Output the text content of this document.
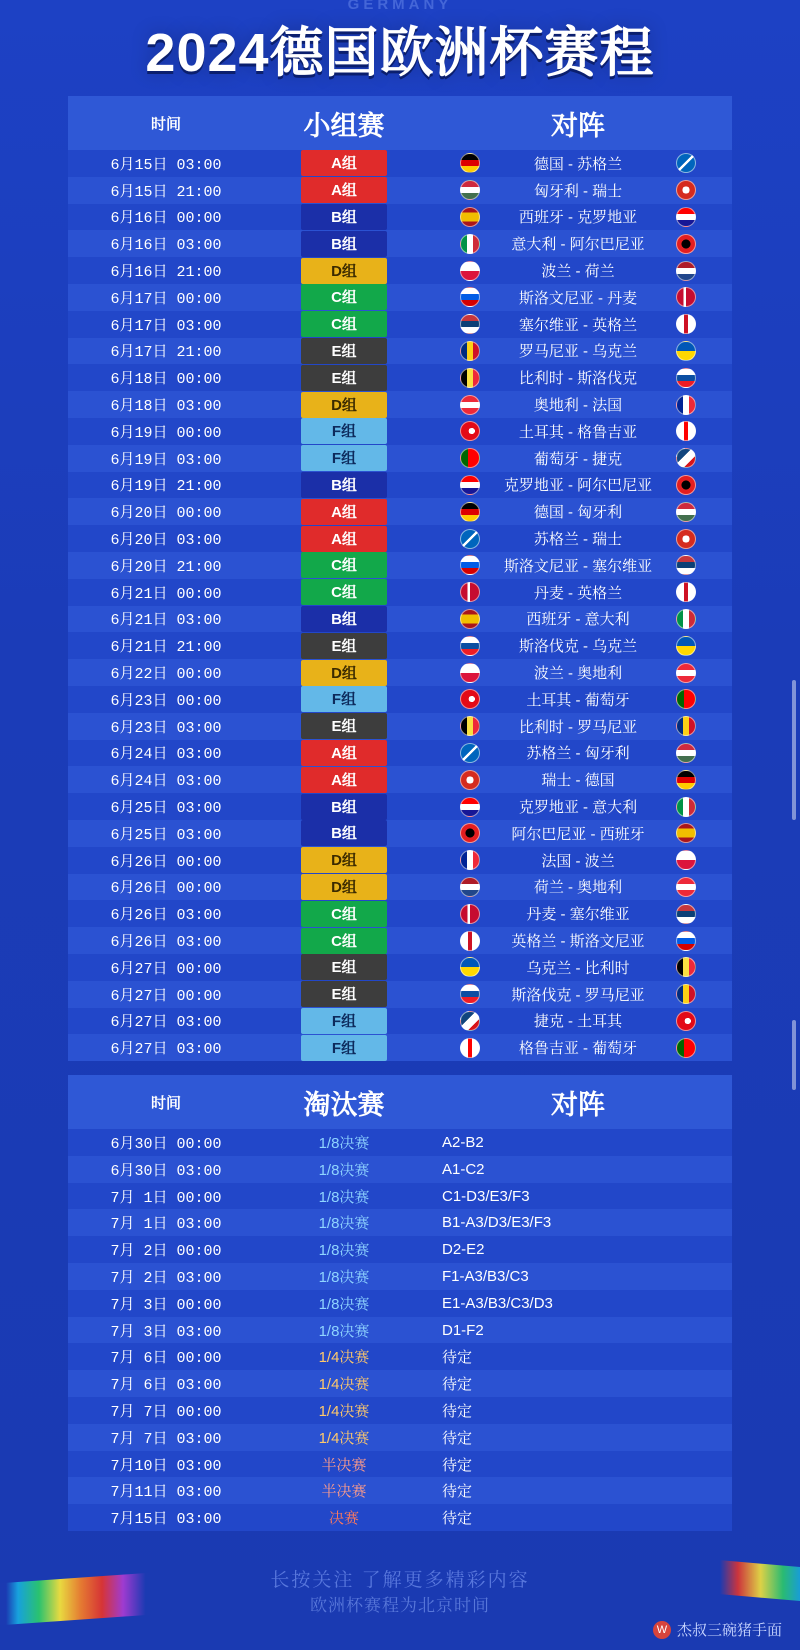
GERMANY
2024德国欧洲杯赛程
时间	小组赛	对阵
6月15日 03:00	A组	德国 - 苏格兰
6月15日 21:00	A组	匈牙利 - 瑞士
6月16日 00:00	B组	西班牙 - 克罗地亚
6月16日 03:00	B组	意大利 - 阿尔巴尼亚
6月16日 21:00	D组	波兰 - 荷兰
6月17日 00:00	C组	斯洛文尼亚 - 丹麦
6月17日 03:00	C组	塞尔维亚 - 英格兰
6月17日 21:00	E组	罗马尼亚 - 乌克兰
6月18日 00:00	E组	比利时 - 斯洛伐克
6月18日 03:00	D组	奥地利 - 法国
6月19日 00:00	F组	土耳其 - 格鲁吉亚
6月19日 03:00	F组	葡萄牙 - 捷克
6月19日 21:00	B组	克罗地亚 - 阿尔巴尼亚
6月20日 00:00	A组	德国 - 匈牙利
6月20日 03:00	A组	苏格兰 - 瑞士
6月20日 21:00	C组	斯洛文尼亚 - 塞尔维亚
6月21日 00:00	C组	丹麦 - 英格兰
6月21日 03:00	B组	西班牙 - 意大利
6月21日 21:00	E组	斯洛伐克 - 乌克兰
6月22日 00:00	D组	波兰 - 奥地利
6月23日 00:00	F组	土耳其 - 葡萄牙
6月23日 03:00	E组	比利时 - 罗马尼亚
6月24日 03:00	A组	苏格兰 - 匈牙利
6月24日 03:00	A组	瑞士 - 德国
6月25日 03:00	B组	克罗地亚 - 意大利
6月25日 03:00	B组	阿尔巴尼亚 - 西班牙
6月26日 00:00	D组	法国 - 波兰
6月26日 00:00	D组	荷兰 - 奥地利
6月26日 03:00	C组	丹麦 - 塞尔维亚
6月26日 03:00	C组	英格兰 - 斯洛文尼亚
6月27日 00:00	E组	乌克兰 - 比利时
6月27日 00:00	E组	斯洛伐克 - 罗马尼亚
6月27日 03:00	F组	捷克 - 土耳其
6月27日 03:00	F组	格鲁吉亚 - 葡萄牙
时间	淘汰赛	对阵
6月30日 00:00	1/8决赛	A2-B2
6月30日 03:00	1/8决赛	A1-C2
7月 1日 00:00	1/8决赛	C1-D3/E3/F3
7月 1日 03:00	1/8决赛	B1-A3/D3/E3/F3
7月 2日 00:00	1/8决赛	D2-E2
7月 2日 03:00	1/8决赛	F1-A3/B3/C3
7月 3日 00:00	1/8决赛	E1-A3/B3/C3/D3
7月 3日 03:00	1/8决赛	D1-F2
7月 6日 00:00	1/4决赛	待定
7月 6日 03:00	1/4决赛	待定
7月 7日 00:00	1/4决赛	待定
7月 7日 03:00	1/4决赛	待定
7月10日 03:00	半决赛	待定
7月11日 03:00	半决赛	待定
7月15日 03:00	决赛	待定
长按关注 了解更多精彩内容
欧洲杯赛程为北京时间
W 杰叔三碗猪手面
